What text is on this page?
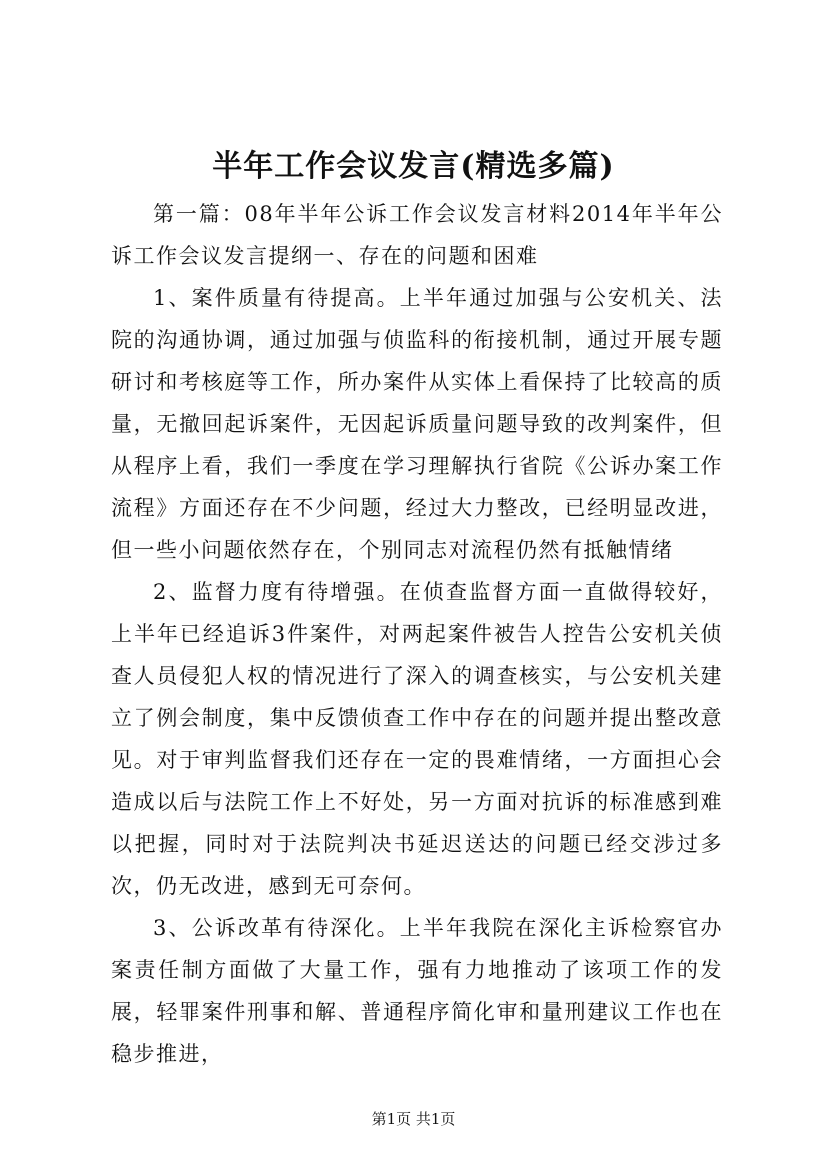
半年工作会议发言(精选多篇)

第一篇：08年半年公诉工作会议发言材料2014年半年公诉工作会议发言提纲一、存在的问题和困难

1、案件质量有待提高。上半年通过加强与公安机关、法院的沟通协调，通过加强与侦监科的衔接机制，通过开展专题研讨和考核庭等工作，所办案件从实体上看保持了比较高的质量，无撤回起诉案件，无因起诉质量问题导致的改判案件，但从程序上看，我们一季度在学习理解执行省院《公诉办案工作流程》方面还存在不少问题，经过大力整改，已经明显改进，但一些小问题依然存在，个别同志对流程仍然有抵触情绪

2、监督力度有待增强。在侦查监督方面一直做得较好，上半年已经追诉3件案件，对两起案件被告人控告公安机关侦查人员侵犯人权的情况进行了深入的调查核实，与公安机关建立了例会制度，集中反馈侦查工作中存在的问题并提出整改意见。对于审判监督我们还存在一定的畏难情绪，一方面担心会造成以后与法院工作上不好处，另一方面对抗诉的标准感到难以把握，同时对于法院判决书延迟送达的问题已经交涉过多次，仍无改进，感到无可奈何。

3、公诉改革有待深化。上半年我院在深化主诉检察官办案责任制方面做了大量工作，强有力地推动了该项工作的发展，轻罪案件刑事和解、普通程序简化审和量刑建议工作也在稳步推进，

第1页 共1页
